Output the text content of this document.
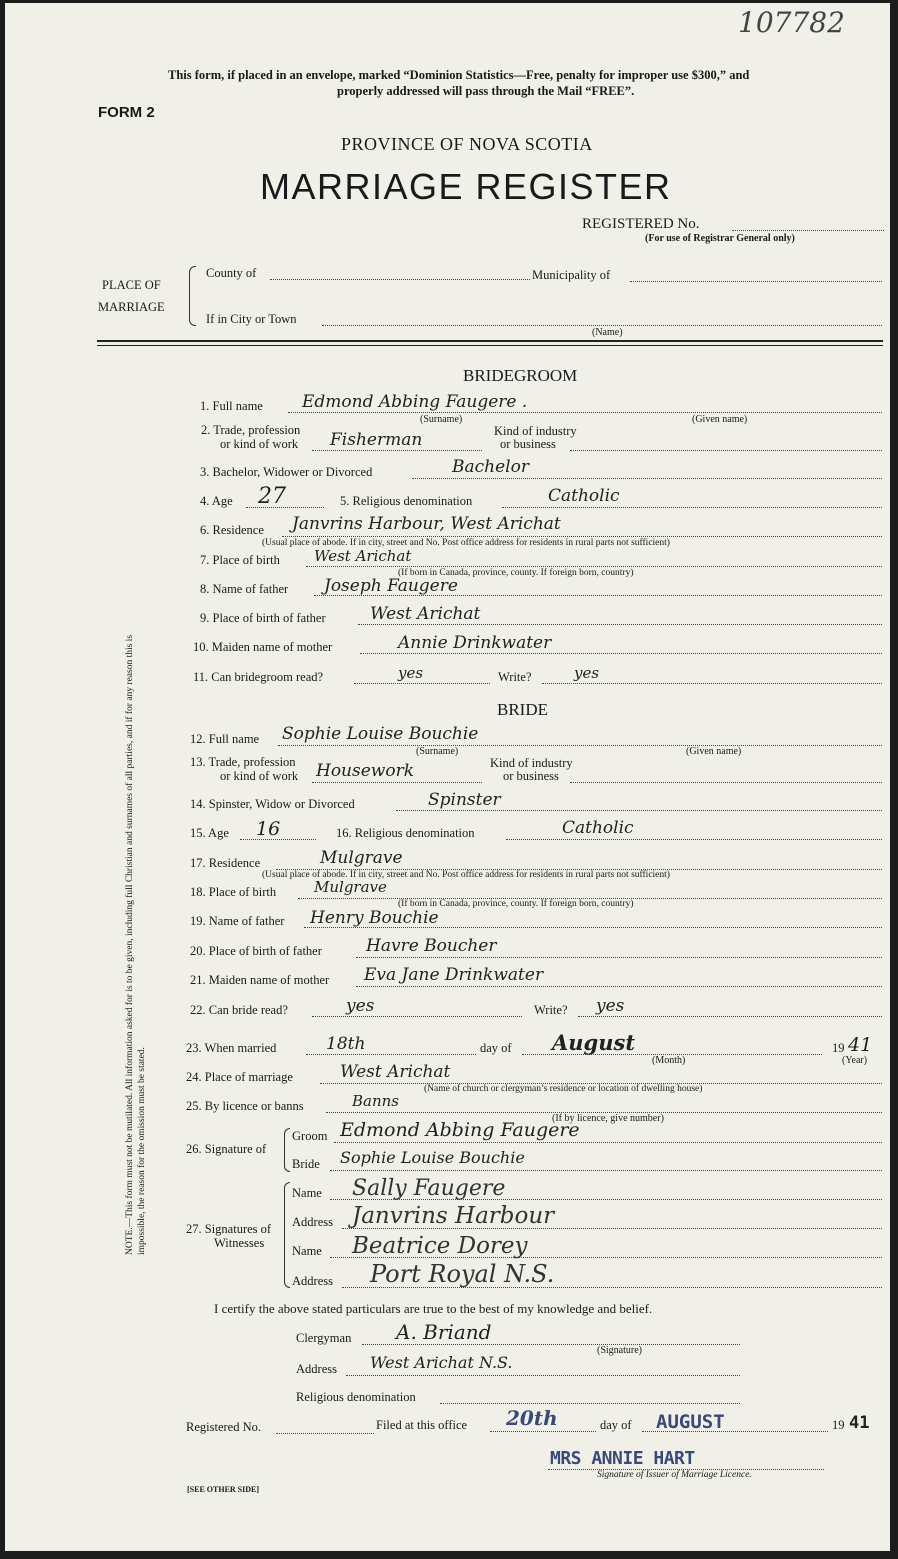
107782
This form, if placed in an envelope, marked “Dominion Statistics—Free, penalty for improper use $300,” and
properly addressed will pass through the Mail “FREE”.
FORM 2
PROVINCE OF NOVA SCOTIA
MARRIAGE REGISTER
REGISTERED No.
(For use of Registrar General only)
PLACE OF
MARRIAGE
County of	Municipality of
If in City or Town
(Name)
BRIDEGROOM
1. Full name Edmond Abbing Faugere .
(Surname)	(Given name)
2. Trade, profession
or kind of work Fisherman	Kind of industry
or business
3. Bachelor, Widower or Divorced	Bachelor
4. Age 27	5. Religious denomination	Catholic
6. Residence Janvrins Harbour, West Arichat
(Usual place of abode. If in city, street and No. Post office address for residents in rural parts not sufficient)
7. Place of birth West Arichat
(If born in Canada, province, county. If foreign born, country)
8. Name of father Joseph Faugere
9. Place of birth of father	West Arichat
10. Maiden name of mother	Annie Drinkwater
11. Can bridegroom read?	yes	Write?	yes
BRIDE
12. Full name Sophie Louise Bouchie
(Surname)	(Given name)
13. Trade, profession
or kind of work Housework	Kind of industry
or business
14. Spinster, Widow or Divorced	Spinster
15. Age 16	16. Religious denomination	Catholic
17. Residence	Mulgrave
(Usual place of abode. If in city, street and No. Post office address for residents in rural parts not sufficient)
18. Place of birth	Mulgrave
(If born in Canada, province, county. If foreign born, country)
19. Name of father Henry Bouchie
20. Place of birth of father	Havre Boucher
21. Maiden name of mother Eva Jane Drinkwater
22. Can bride read?	yes	Write? yes
23. When married	18th	day of August
(Month)
19 41
(Year)
24. Place of marriage	West Arichat
(Name of church or clergyman’s residence or location of dwelling house)
25. By licence or banns	Banns
(If by licence, give number)
26. Signature of
Groom Edmond Abbing Faugere
Bride Sophie Louise Bouchie
27. Signatures of
Witnesses
Name Sally Faugere
Address Janvrins Harbour
Name Beatrice Dorey
Address Port Royal N.S.
I certify the above stated particulars are true to the best of my knowledge and belief.
Clergyman A. Briand
(Signature)
Address West Arichat N.S.
Religious denomination
Registered No.	Filed at this office 20th	day of AUGUST	19 41
MRS ANNIE HART
Signature of Issuer of Marriage Licence.
[SEE OTHER SIDE]
NOTE.—This form must not be mutilated. All information asked for is to be given, including full Christian and surnames of all parties, and if for any reason this is impossible, the reason for the omission must be stated.
